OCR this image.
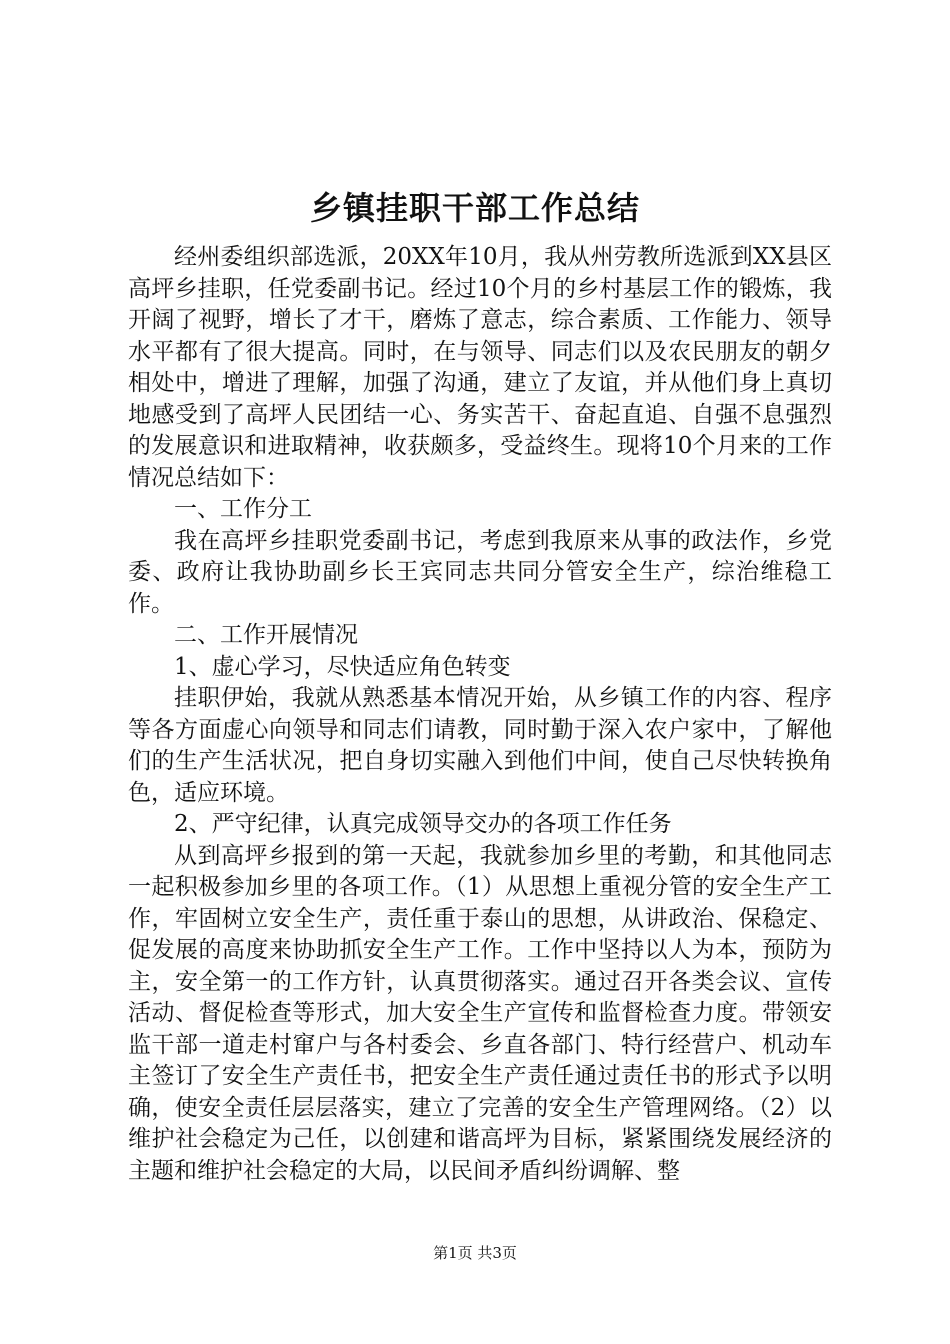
乡镇挂职干部工作总结

经州委组织部选派，20XX年10月，我从州劳教所选派到XX县区高坪乡挂职，任党委副书记。经过10个月的乡村基层工作的锻炼，我开阔了视野，增长了才干，磨炼了意志，综合素质、工作能力、领导水平都有了很大提高。同时，在与领导、同志们以及农民朋友的朝夕相处中，增进了理解，加强了沟通，建立了友谊，并从他们身上真切地感受到了高坪人民团结一心、务实苦干、奋起直追、自强不息强烈的发展意识和进取精神，收获颇多，受益终生。现将10个月来的工作情况总结如下：

一、工作分工

我在高坪乡挂职党委副书记，考虑到我原来从事的政法作，乡党委、政府让我协助副乡长王宾同志共同分管安全生产，综治维稳工作。

二、工作开展情况

1、虚心学习，尽快适应角色转变

挂职伊始，我就从熟悉基本情况开始，从乡镇工作的内容、程序等各方面虚心向领导和同志们请教，同时勤于深入农户家中，了解他们的生产生活状况，把自身切实融入到他们中间，使自己尽快转换角色，适应环境。

2、严守纪律，认真完成领导交办的各项工作任务

从到高坪乡报到的第一天起，我就参加乡里的考勤，和其他同志一起积极参加乡里的各项工作。（1）从思想上重视分管的安全生产工作，牢固树立安全生产，责任重于泰山的思想，从讲政治、保稳定、促发展的高度来协助抓安全生产工作。工作中坚持以人为本，预防为主，安全第一的工作方针，认真贯彻落实。通过召开各类会议、宣传活动、督促检查等形式，加大安全生产宣传和监督检查力度。带领安监干部一道走村窜户与各村委会、乡直各部门、特行经营户、机动车主签订了安全生产责任书，把安全生产责任通过责任书的形式予以明确，使安全责任层层落实，建立了完善的安全生产管理网络。（2）以维护社会稳定为己任，以创建和谐高坪为目标，紧紧围绕发展经济的主题和维护社会稳定的大局，以民间矛盾纠纷调解、整

第1页 共3页
